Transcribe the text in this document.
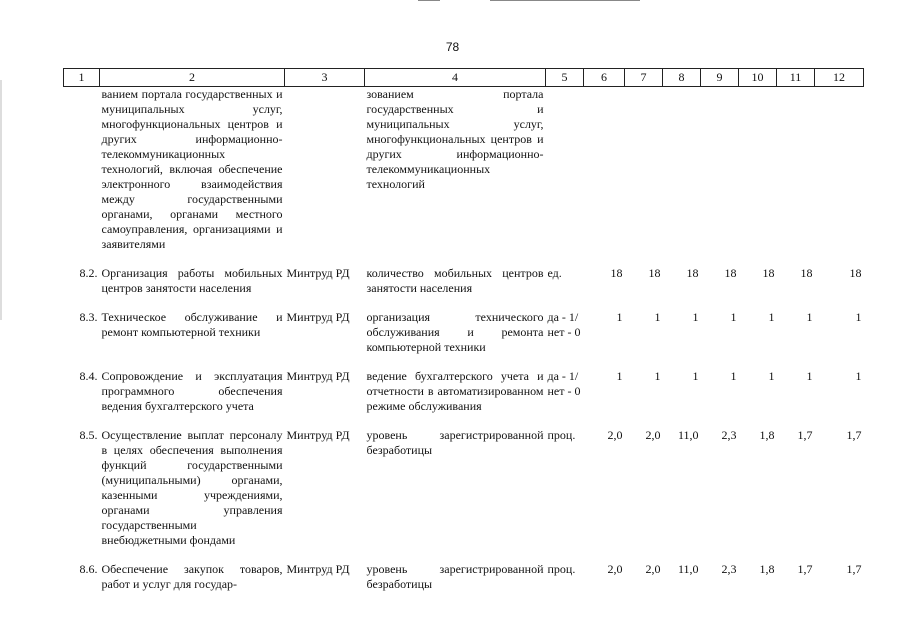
78
1	2	3	4	5	6	7	8	9	10	11	12
	ванием портала государственных и муниципальных услуг, многофункциональных центров и других информационно-телекоммуникационных технологий, включая обеспечение электронного взаимодействия между государственными органами, органами местного самоуправления, организациями и заявителями		зованием портала государственных и муниципальных услуг, многофункциональных центров и других информационно-телекоммуникационных технологий								

8.2.	Организация работы мобильных центров занятости населения	Минтруд РД	количество мобильных центров занятости населения	ед.	18	18	18	18	18	18	18

8.3.	Техническое обслуживание и ремонт компьютерной техники	Минтруд РД	организация технического обслуживания и ремонта компьютерной техники	да - 1/
нет - 0	1	1	1	1	1	1	1

8.4.	Сопровождение и эксплуатация программного обеспечения ведения бухгалтерского учета	Минтруд РД	ведение бухгалтерского учета и отчетности в автоматизированном режиме обслуживания	да - 1/
нет - 0	1	1	1	1	1	1	1

8.5.	Осуществление выплат персоналу в целях обеспечения выполнения функций государственными (муниципальными) органами, казенными учреждениями, органами управления государственными внебюджетными фондами	Минтруд РД	уровень зарегистрированной безработицы	проц.	2,0	2,0	11,0	2,3	1,8	1,7	1,7

8.6.	Обеспечение закупок товаров, работ и услуг для государ-	Минтруд РД	уровень зарегистрированной безработицы	проц.	2,0	2,0	11,0	2,3	1,8	1,7	1,7
